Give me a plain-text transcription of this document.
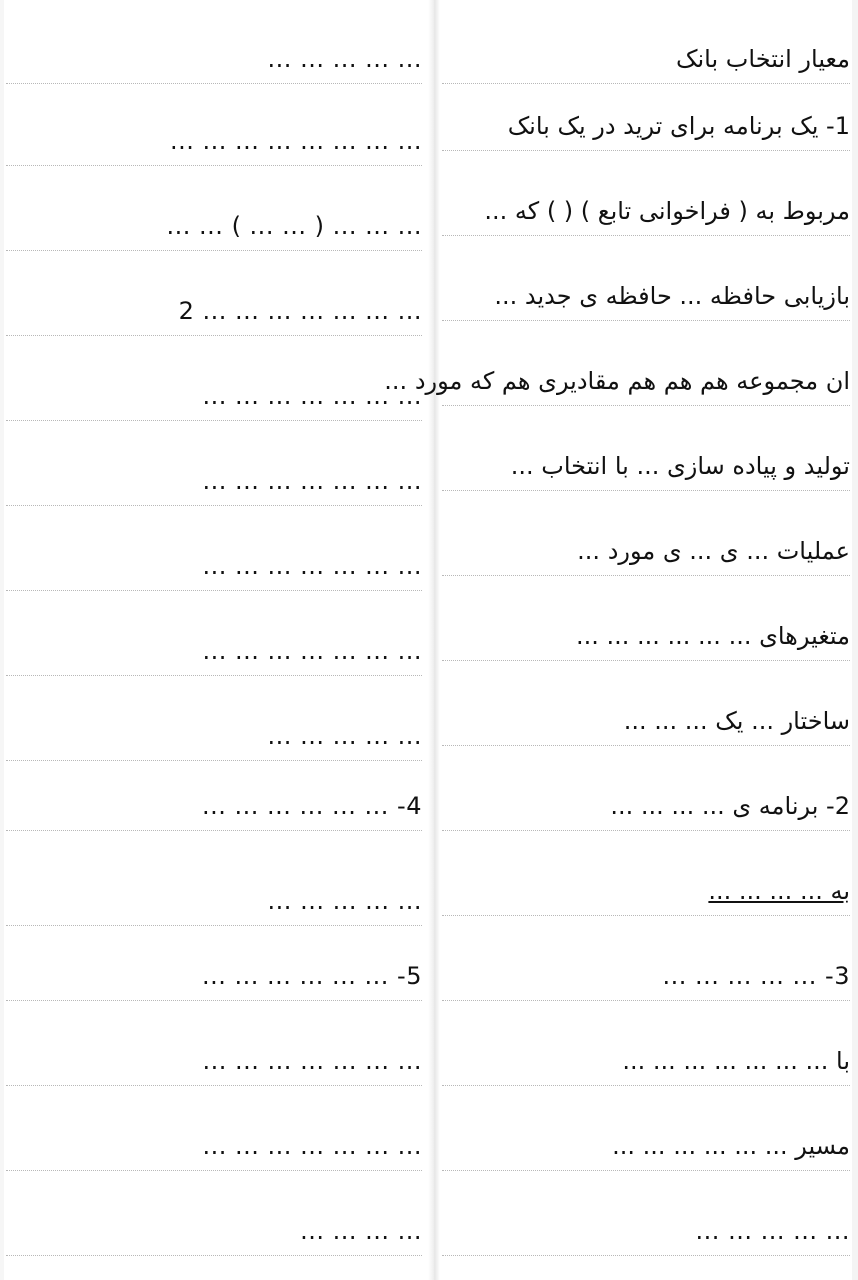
معیار انتخاب بانک
1- یک برنامه برای ترید در یک بانک
مربوط به ( فراخوانی تابع ) ( ) که ...
بازیابی حافظه ... حافظه ی جدید ...
ان مجموعه هم هم هم مقادیری هم که مورد ...
تولید و پیاده سازی ... با انتخاب ...
عملیات ... ی ... ی مورد ...
متغیرهای ... ... ... ... ... ...
ساختار ... یک ... ... ...
2- برنامه ی ... ... ... ...
به ... ... ... ...
3- ... ... ... ... ...
با ... ... ... ... ... ... ...
مسیر ... ... ... ... ... ...
... ... ... ... ...
... ... ... ... ...
... ... ... ... ... ... ... ...
... ... ... ( ... ... ) ... ...
... ... ... ... ... ... ... 2
... ... ... ... ... ... ...
... ... ... ... ... ... ...
... ... ... ... ... ... ...
... ... ... ... ... ... ...
... ... ... ... ...
4- ... ... ... ... ... ...
... ... ... ... ...
5- ... ... ... ... ... ...
... ... ... ... ... ... ...
... ... ... ... ... ... ...
... ... ... ...
